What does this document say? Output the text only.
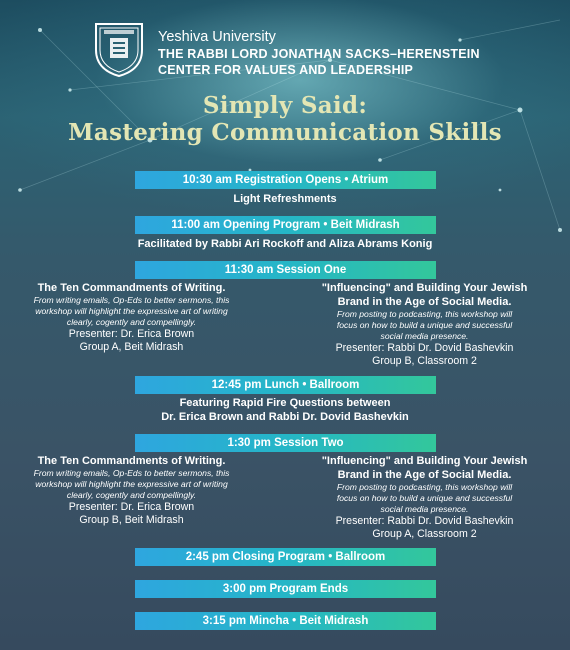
Yeshiva University
THE RABBI LORD JONATHAN SACKS–HERENSTEIN
CENTER FOR VALUES AND LEADERSHIP
Simply Said:
Mastering Communication Skills
10:30 am Registration Opens • Atrium
Light Refreshments
11:00 am Opening Program • Beit Midrash
Facilitated by Rabbi Ari Rockoff and Aliza Abrams Konig
11:30 am Session One
The Ten Commandments of Writing.
From writing emails, Op-Eds to better sermons, this
workshop will highlight the expressive art of writing
clearly, cogently and compellingly.
Presenter: Dr. Erica Brown
Group A, Beit Midrash
"Influencing" and Building Your Jewish
Brand in the Age of Social Media.
From posting to podcasting, this workshop will
focus on how to build a unique and successful
social media presence.
Presenter: Rabbi Dr. Dovid Bashevkin
Group B, Classroom 2
12:45 pm Lunch • Ballroom
Featuring Rapid Fire Questions between
Dr. Erica Brown and Rabbi Dr. Dovid Bashevkin
1:30 pm Session Two
The Ten Commandments of Writing.
From writing emails, Op-Eds to better sermons, this
workshop will highlight the expressive art of writing
clearly, cogently and compellingly.
Presenter: Dr. Erica Brown
Group B, Beit Midrash
"Influencing" and Building Your Jewish
Brand in the Age of Social Media.
From posting to podcasting, this workshop will
focus on how to build a unique and successful
social media presence.
Presenter: Rabbi Dr. Dovid Bashevkin
Group A, Classroom 2
2:45 pm Closing Program • Ballroom
3:00 pm Program Ends
3:15 pm Mincha • Beit Midrash
